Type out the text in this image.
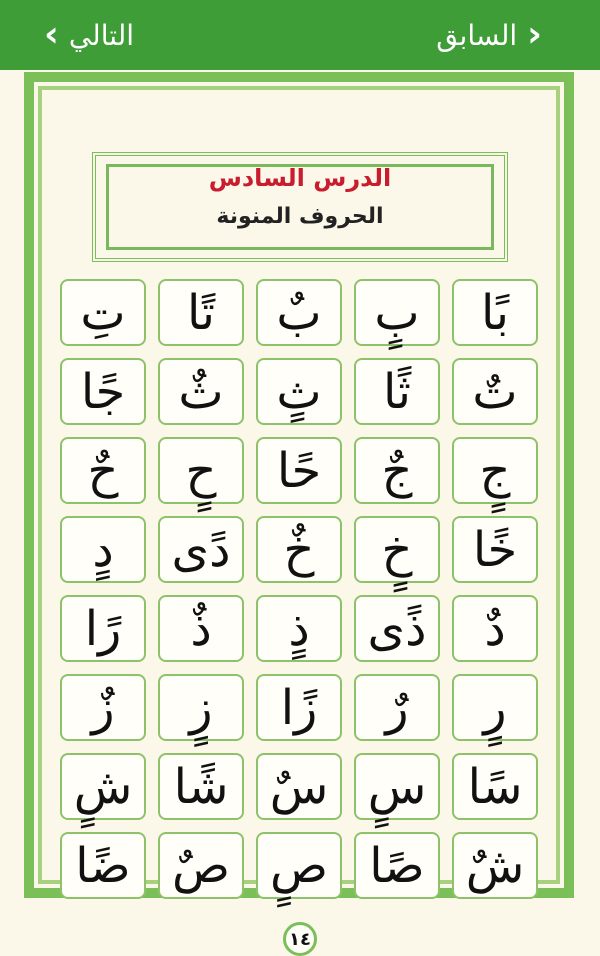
‹ التالي	السابق ›
الدرس السادس
الحروف المنونة
تِ تًا بٌ بٍ بًا
جًا ثٌ ثٍ ثًا تٌ
حٌ حٍ حًا جٌ جٍ
دٍ دًى خٌ خٍ خًا
رًا ذٌ ذٍ ذًى دٌ
زٌ زٍ زًا رٌ رٍ
شٍ شًا سٌ سٍ سًا
ضًا صٌ صٍ صًا شٌ
١٤
